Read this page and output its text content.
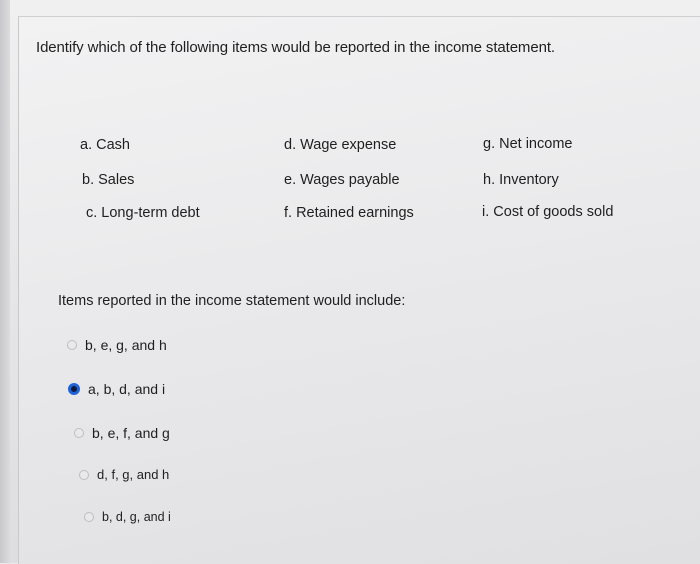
Identify which of the following items would be reported in the income statement.
a. Cash
b. Sales
c. Long-term debt
d. Wage expense
e. Wages payable
f. Retained earnings
g. Net income
h. Inventory
i. Cost of goods sold
Items reported in the income statement would include:
b, e, g, and h
a, b, d, and i
b, e, f, and g
d, f, g, and h
b, d, g, and i
